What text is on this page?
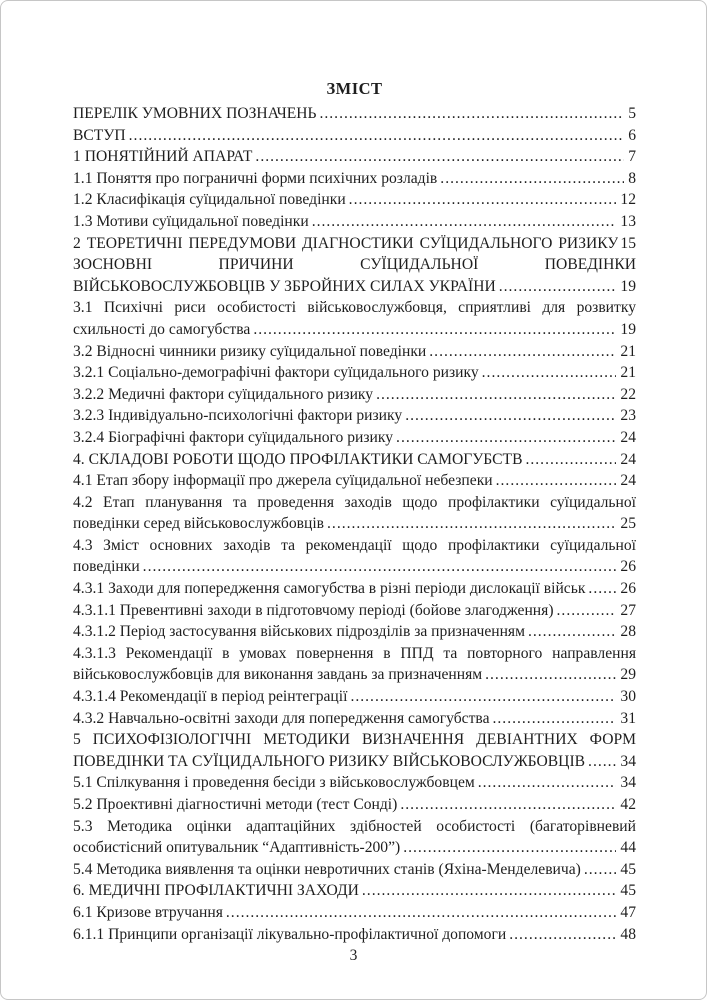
ЗМІСТ
ПЕРЕЛІК УМОВНИХ ПОЗНАЧЕНЬ .....	5
ВСТУП .....	6
1 ПОНЯТІЙНИЙ АПАРАТ .....	7
1.1 Поняття про пограничні форми психічних розладів .....	8
1.2 Класифікація суїцидальної поведінки .....	12
1.3 Мотиви суїцидальної поведінки .....	13
2 ТЕОРЕТИЧНІ ПЕРЕДУМОВИ ДІАГНОСТИКИ СУЇЦИДАЛЬНОГО РИЗИКУ 15
ЗОСНОВНІ ПРИЧИНИ СУЇЦИДАЛЬНОЇ ПОВЕДІНКИ
ВІЙСЬКОВОСЛУЖБОВЦІВ У ЗБРОЙНИХ СИЛАХ УКРАЇНИ .....	19
3.1 Психічні риси особистості військовослужбовця, сприятливі для розвитку
схильності до самогубства .....	19
3.2 Відносні чинники ризику суїцидальної поведінки .....	21
3.2.1 Соціально-демографічні фактори суїцидального ризику .....	21
3.2.2 Медичні фактори суїцидального ризику .....	22
3.2.3 Індивідуально-психологічні фактори ризику .....	23
3.2.4 Біографічні фактори суїцидального ризику .....	24
4. СКЛАДОВІ РОБОТИ ЩОДО ПРОФІЛАКТИКИ САМОГУБСТВ .....	24
4.1 Етап збору інформації про джерела суїцидальної небезпеки .....	24
4.2 Етап планування та проведення заходів щодо профілактики суїцидальної
поведінки серед військовослужбовців .....	25
4.3 Зміст основних заходів та рекомендації щодо профілактики суїцидальної
поведінки .....	26
4.3.1 Заходи для попередження самогубства в різні періоди дислокації військ ..... 26
4.3.1.1 Превентивні заходи в підготовчому періоді (бойове злагодження) .....	27
4.3.1.2 Період застосування військових підрозділів за призначенням .....	28
4.3.1.3 Рекомендації в умовах повернення в ППД та повторного направлення
військовослужбовців для виконання завдань за призначенням .....	29
4.3.1.4 Рекомендації в період реінтеграції .....	30
4.3.2 Навчально-освітні заходи для попередження самогубства .....	31
5 ПСИХОФІЗІОЛОГІЧНІ МЕТОДИКИ ВИЗНАЧЕННЯ ДЕВІАНТНИХ ФОРМ
ПОВЕДІНКИ ТА СУЇЦИДАЛЬНОГО РИЗИКУ ВІЙСЬКОВОСЛУЖБОВЦІВ ..... 34
5.1 Спілкування і проведення бесіди з військовослужбовцем .....	34
5.2 Проективні діагностичні методи (тест Сонді) .....	42
5.3 Методика оцінки адаптаційних здібностей особистості (багаторівневий
особистісний опитувальник “Адаптивність-200”) .....	44
5.4 Методика виявлення та оцінки невротичних станів (Яхіна-Менделевича) .....	45
6. МЕДИЧНІ ПРОФІЛАКТИЧНІ ЗАХОДИ .....	45
6.1 Кризове втручання .....	47
6.1.1 Принципи організації лікувально-профілактичної допомоги .....	48
3
